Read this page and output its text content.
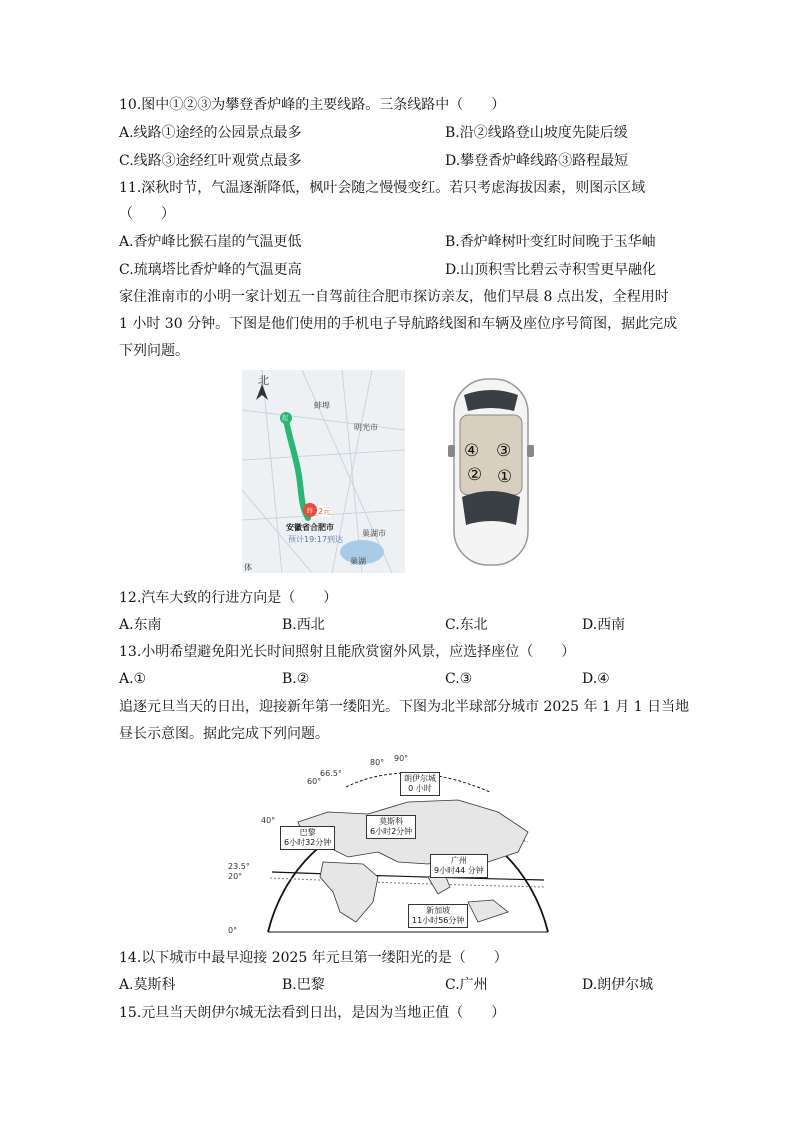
10.图中①②③为攀登香炉峰的主要线路。三条线路中（　　）
A.线路①途经的公园景点最多	B.沿②线路登山坡度先陡后缓
C.线路③途经红叶观赏点最多	D.攀登香炉峰线路③路程最短
11.深秋时节，气温逐渐降低，枫叶会随之慢慢变红。若只考虑海拔因素，则图示区域
（　　）
A.香炉峰比猴石崖的气温更低	B.香炉峰树叶变红时间晚于玉华岫
C.琉璃塔比香炉峰的气温更高	D.山顶积雪比碧云寺积雪更早融化
家住淮南市的小明一家计划五一自驾前往合肥市探访亲友，他们早晨 8 点出发，全程用时
1 小时 30 分钟。下图是他们使用的手机电子导航路线图和车辆及座位序号简图，据此完成
下列问题。
北
蚌埠
明光市
起
终 2元
安徽省合肥市
预计19:17到达
巢湖市
巢湖
体
④ ③
② ①
12.汽车大致的行进方向是（　　）
A.东南	B.西北	C.东北	D.西南
13.小明希望避免阳光长时间照射且能欣赏窗外风景，应选择座位（　　）
A.①	B.②	C.③	D.④
追逐元旦当天的日出，迎接新年第一缕阳光。下图为北半球部分城市 2025 年 1 月 1 日当地
昼长示意图。据此完成下列问题。
90°
80°
66.5°
60°
40°
23.5°
20°
0°
朗伊尔城
0 小时
莫斯科
6小时2分钟
巴黎
6小时32分钟
广州
9小时44 分钟
新加坡
11小时56分钟
14.以下城市中最早迎接 2025 年元旦第一缕阳光的是（　　）
A.莫斯科	B.巴黎	C.广州	D.朗伊尔城
15.元旦当天朗伊尔城无法看到日出，是因为当地正值（　　）
